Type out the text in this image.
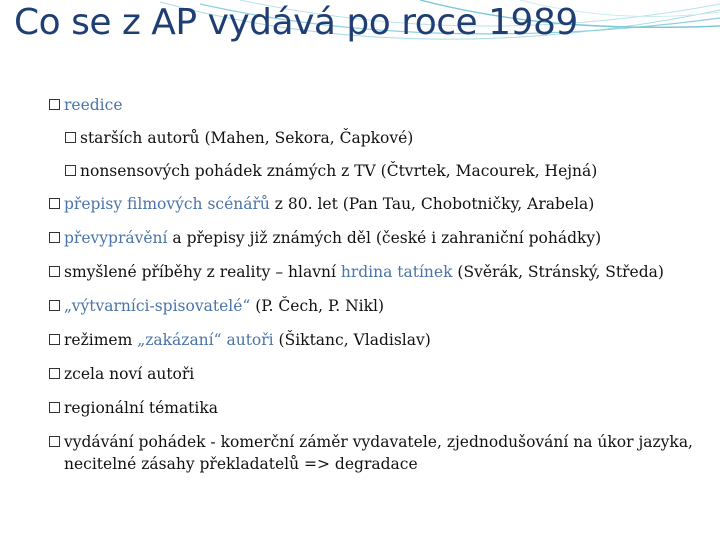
Co se z AP vydává po roce 1989
reedice
starších autorů (Mahen, Sekora, Čapkové)
nonsensových pohádek známých z TV (Čtvrtek, Macourek, Hejná)
přepisy filmových scénářů z 80. let (Pan Tau, Chobotničky, Arabela)
převyprávění a přepisy již známých děl (české i zahraniční pohádky)
smyšlené příběhy z reality – hlavní hrdina tatínek (Svěrák, Stránský, Středa)
„výtvarníci-spisovatelé“ (P. Čech, P. Nikl)
režimem „zakázaní“ autoři (Šiktanc, Vladislav)
zcela noví autoři
regionální tématika
vydávání pohádek - komerční záměr vydavatele, zjednodušování na úkor jazyka, necitelné zásahy překladatelů => degradace
